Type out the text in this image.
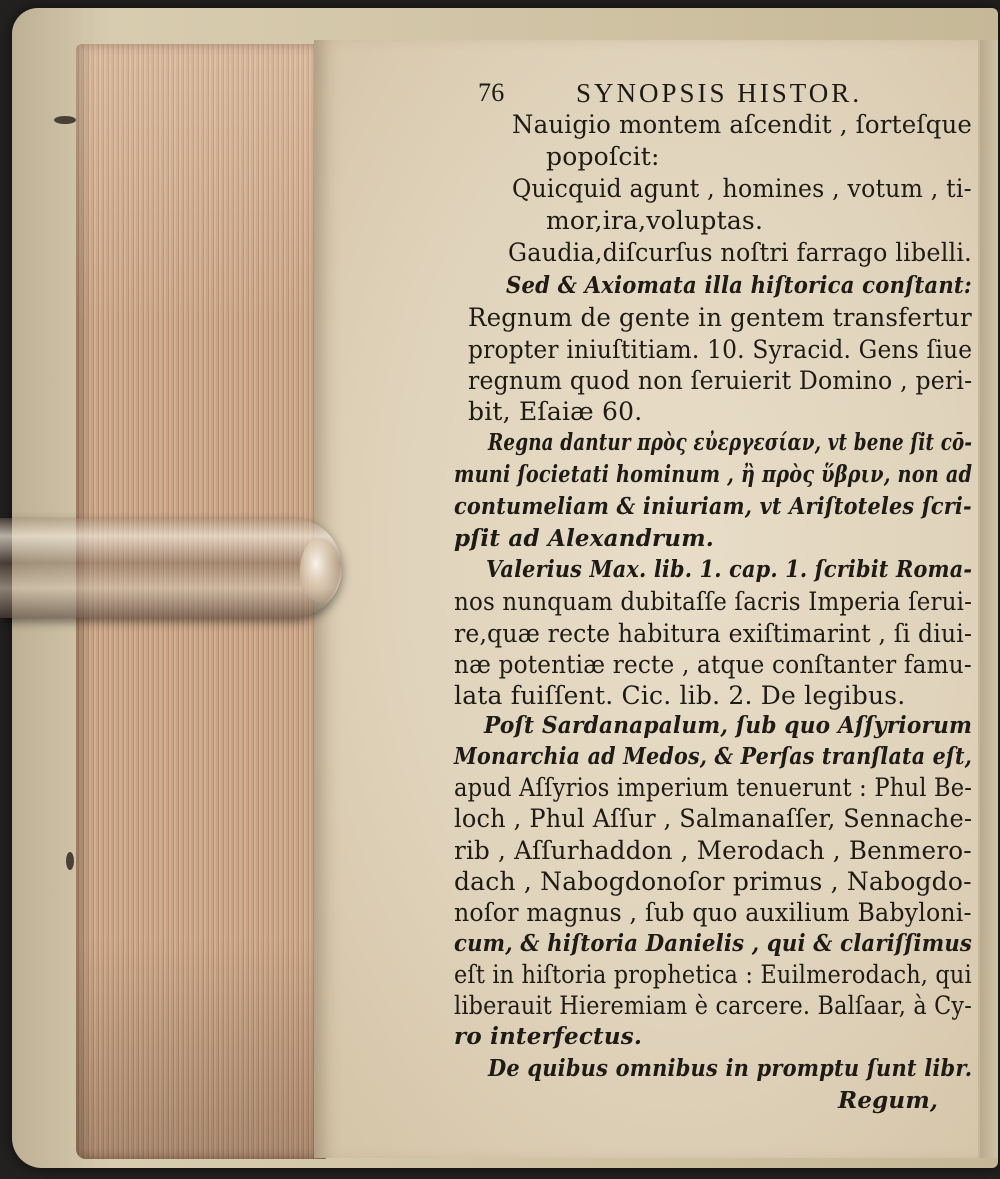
76	SYNOPSIS HISTOR.
Nauigio montem aſcendit , ſorteſque
popoſcit:
Quicquid agunt , homines , votum , ti-
mor,ira,voluptas.
Gaudia,diſcurſus noſtri farrago libelli.
Sed & Axiomata illa hiſtorica conſtant:
Regnum de gente in gentem transfertur
propter iniuſtitiam. 10. Syracid. Gens ſiue
regnum quod non ſeruierit Domino , peri-
bit, Eſaiæ 60.
Regna dantur πρὸς εὐεργεσίαν, vt bene ſit cō-
muni ſocietati hominum , ἢ πρὸς ὕβριν, non ad
contumeliam & iniuriam, vt Ariſtoteles ſcri-
pſit ad Alexandrum.
Valerius Max. lib. 1. cap. 1. ſcribit Roma-
nos nunquam dubitaſſe ſacris Imperia ſerui-
re,quæ recte habitura exiſtimarint , ſi diui-
næ potentiæ recte , atque conſtanter famu-
lata fuiſſent. Cic. lib. 2. De legibus.
Poſt Sardanapalum, ſub quo Aſſyriorum
Monarchia ad Medos, & Perſas tranſlata eſt,
apud Aſſyrios imperium tenuerunt : Phul Be-
loch , Phul Aſſur , Salmanaſſer, Sennache-
rib , Aſſurhaddon , Merodach , Benmero-
dach , Nabogdonoſor primus , Nabogdo-
noſor magnus , ſub quo auxilium Babyloni-
cum, & hiſtoria Danielis , qui & clariſſimus
eſt in hiſtoria prophetica : Euilmerodach, qui
liberauit Hieremiam è carcere. Balſaar, à Cy-
ro interfectus.
De quibus omnibus in promptu ſunt libr.
Regum,
